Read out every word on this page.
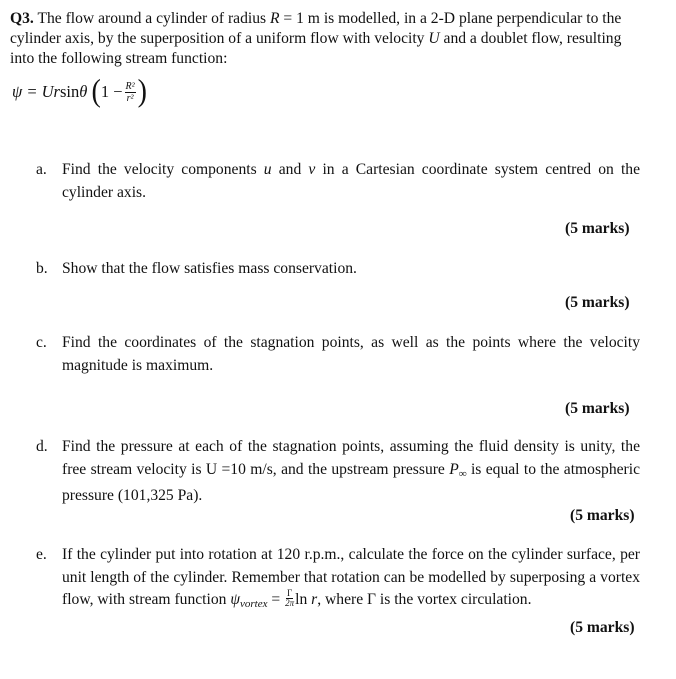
Q3. The flow around a cylinder of radius R = 1 m is modelled, in a 2-D plane perpendicular to the cylinder axis, by the superposition of a uniform flow with velocity U and a doublet flow, resulting into the following stream function:
ψ =
Ur sin θ
( $1 - \frac{\text{R²}}{\text{r²}}$ )
a. Find the velocity components u and v in a Cartesian coordinate system centred on the cylinder axis.
(5 marks)
b. Show that the flow satisfies mass conservation.
(5 marks)
c. Find the coordinates of the stagnation points, as well as the points where the velocity magnitude is maximum.
(5 marks)
d. Find the pressure at each of the stagnation points, assuming the fluid density is unity, the free stream velocity is U =10 m/s, and the upstream pressure $P_\infty$ is equal to the atmospheric pressure (101,325 Pa).
(5 marks)
e. If the cylinder put into rotation at 120 r.p.m., calculate the force on the cylinder surface, per unit length of the cylinder. Remember that rotation can be modelled by superposing a vortex flow, with stream function $\psi_{vortex} = \frac{\Gamma}{2\pi}$ ln r, where Γ is the vortex circulation.
(5 marks)
